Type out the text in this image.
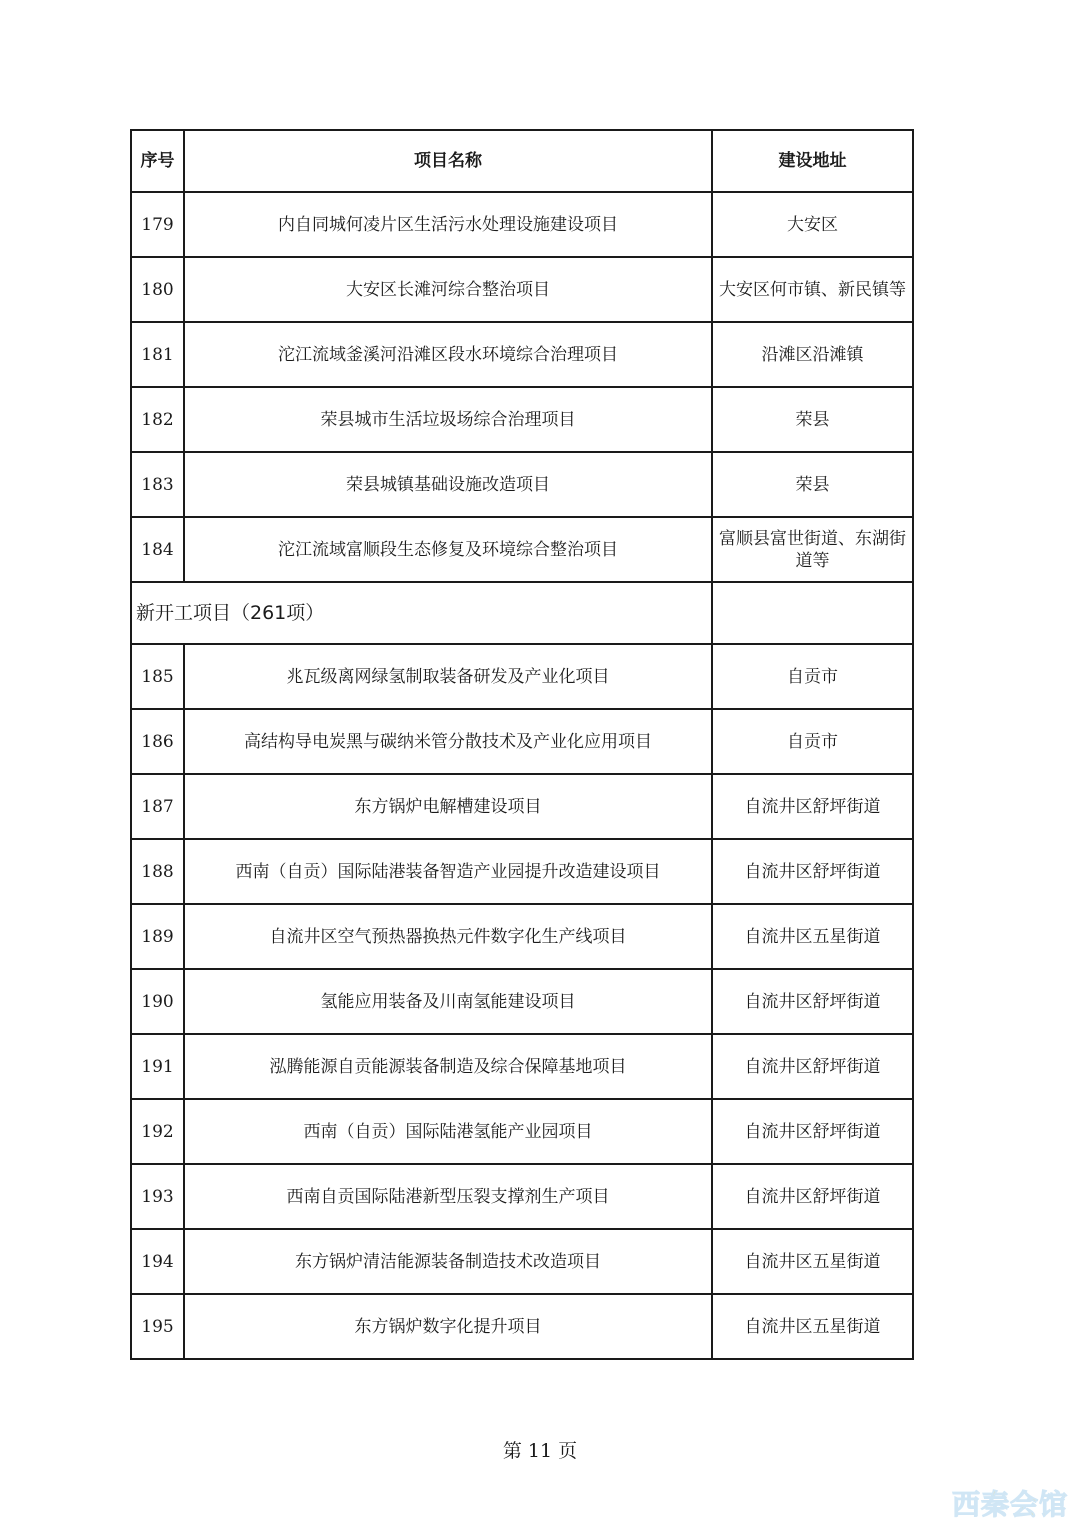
序号	项目名称	建设地址
179	内自同城何凌片区生活污水处理设施建设项目	大安区
180	大安区长滩河综合整治项目	大安区何市镇、新民镇等
181	沱江流域釜溪河沿滩区段水环境综合治理项目	沿滩区沿滩镇
182	荣县城市生活垃圾场综合治理项目	荣县
183	荣县城镇基础设施改造项目	荣县
184	沱江流域富顺段生态修复及环境综合整治项目	富顺县富世街道、东湖街道等
新开工项目（261项）		
185	兆瓦级离网绿氢制取装备研发及产业化项目	自贡市
186	高结构导电炭黑与碳纳米管分散技术及产业化应用项目	自贡市
187	东方锅炉电解槽建设项目	自流井区舒坪街道
188	西南（自贡）国际陆港装备智造产业园提升改造建设项目	自流井区舒坪街道
189	自流井区空气预热器换热元件数字化生产线项目	自流井区五星街道
190	氢能应用装备及川南氢能建设项目	自流井区舒坪街道
191	泓腾能源自贡能源装备制造及综合保障基地项目	自流井区舒坪街道
192	西南（自贡）国际陆港氢能产业园项目	自流井区舒坪街道
193	西南自贡国际陆港新型压裂支撑剂生产项目	自流井区舒坪街道
194	东方锅炉清洁能源装备制造技术改造项目	自流井区五星街道
195	东方锅炉数字化提升项目	自流井区五星街道
第 11 页
西秦会馆
